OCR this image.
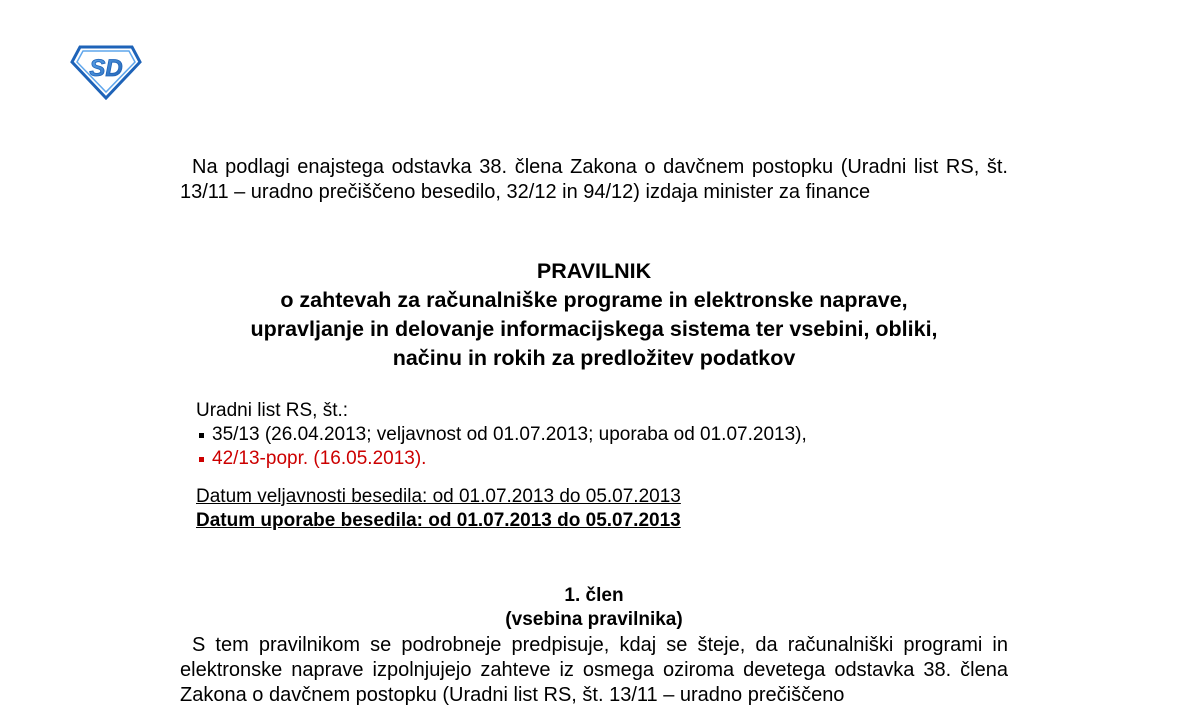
SD

Na podlagi enajstega odstavka 38. člena Zakona o davčnem postopku (Uradni list RS, št. 13/11 – uradno prečiščeno besedilo, 32/12 in 94/12) izdaja minister za finance

PRAVILNIK
o zahtevah za računalniške programe in elektronske naprave,
upravljanje in delovanje informacijskega sistema ter vsebini, obliki,
načinu in rokih za predložitev podatkov
Uradni list RS, št.:
35/13 (26.04.2013; veljavnost od 01.07.2013; uporaba od 01.07.2013),
42/13-popr. (16.05.2013).
Datum veljavnosti besedila: od 01.07.2013 do 05.07.2013
Datum uporabe besedila: od 01.07.2013 do 05.07.2013
1. člen
(vsebina pravilnika)

S tem pravilnikom se podrobneje predpisuje, kdaj se šteje, da računalniški programi in elektronske naprave izpolnjujejo zahteve iz osmega oziroma devetega odstavka 38. člena Zakona o davčnem postopku (Uradni list RS, št. 13/11 – uradno prečiščeno
